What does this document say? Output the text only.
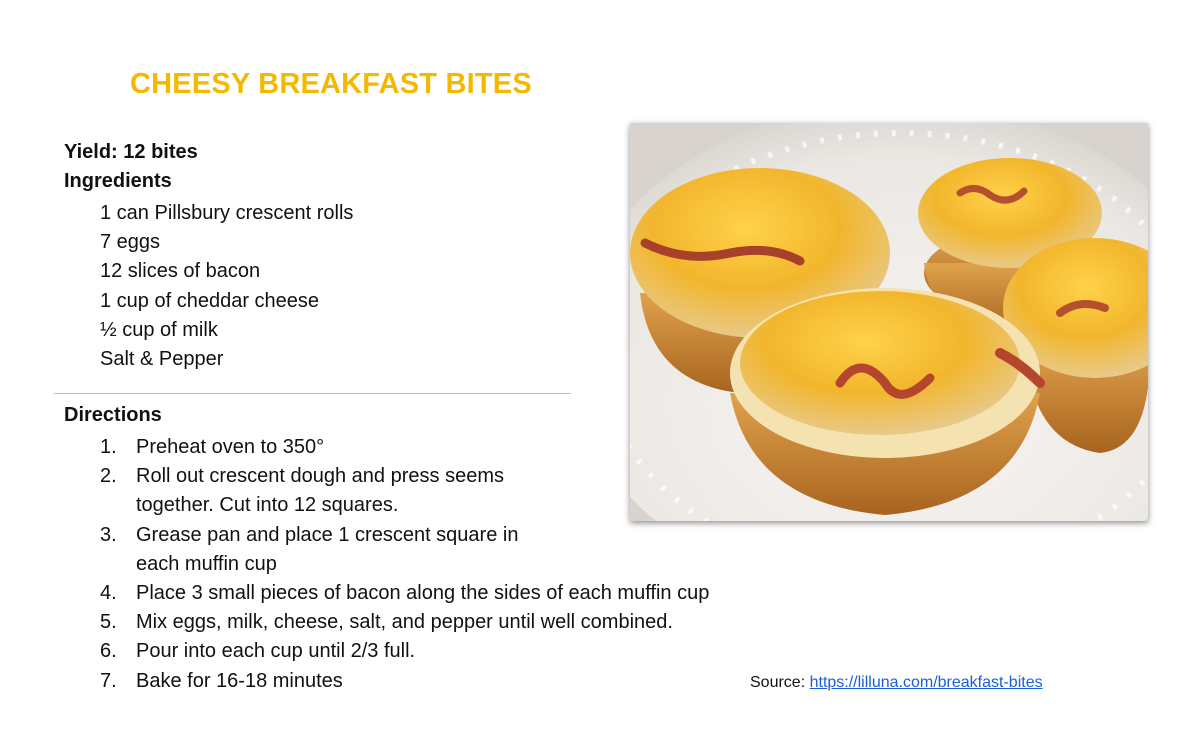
CHEESY BREAKFAST BITES
Yield: 12 bites
Ingredients
1 can Pillsbury crescent rolls
7 eggs
12 slices of bacon
1 cup of cheddar cheese
½ cup of milk
Salt & Pepper
Directions
1. Preheat oven to 350°
2. Roll out crescent dough and press seems together. Cut into 12 squares.
3. Grease pan and place 1 crescent square in each muffin cup
4. Place 3 small pieces of bacon along the sides of each muffin cup
5. Mix eggs, milk, cheese, salt, and pepper until well combined.
6. Pour into each cup until 2/3 full.
7. Bake for 16-18 minutes	Source: https://lilluna.com/breakfast-bites
